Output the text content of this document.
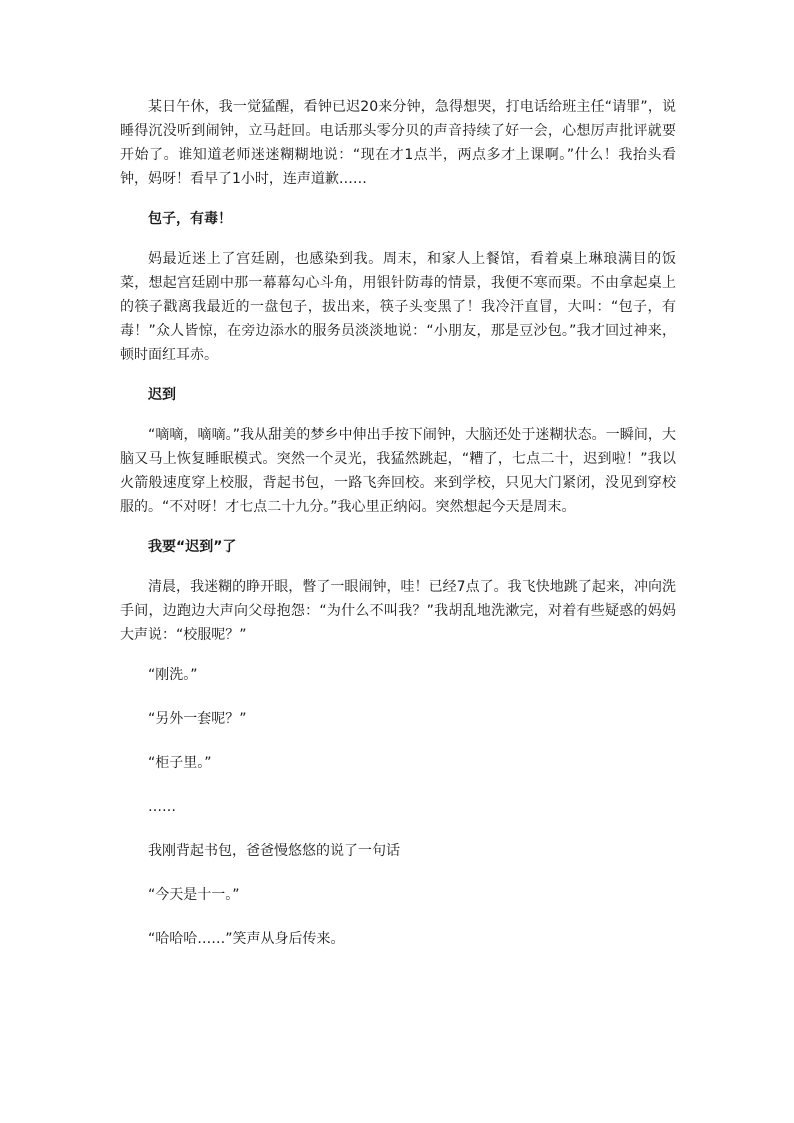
某日午休，我一觉猛醒，看钟已迟20来分钟，急得想哭，打电话给班主任“请罪”，说睡得沉没听到闹钟，立马赶回。电话那头零分贝的声音持续了好一会，心想厉声批评就要开始了。谁知道老师迷迷糊糊地说：“现在才1点半，两点多才上课啊。”什么！我抬头看钟，妈呀！看早了1小时，连声道歉……

包子，有毒！

妈最近迷上了宫廷剧，也感染到我。周末，和家人上餐馆，看着桌上琳琅满目的饭菜，想起宫廷剧中那一幕幕勾心斗角，用银针防毒的情景，我便不寒而栗。不由拿起桌上的筷子戳离我最近的一盘包子，拔出来，筷子头变黑了！我冷汗直冒，大叫：“包子，有毒！”众人皆惊，在旁边添水的服务员淡淡地说：“小朋友，那是豆沙包。”我才回过神来，顿时面红耳赤。

迟到

“嘀嘀，嘀嘀。”我从甜美的梦乡中伸出手按下闹钟，大脑还处于迷糊状态。一瞬间，大脑又马上恢复睡眠模式。突然一个灵光，我猛然跳起，“糟了，七点二十，迟到啦！”我以火箭般速度穿上校服，背起书包，一路飞奔回校。来到学校，只见大门紧闭，没见到穿校服的。“不对呀！才七点二十九分。”我心里正纳闷。突然想起今天是周末。

我要“迟到”了

清晨，我迷糊的睁开眼，瞥了一眼闹钟，哇！已经7点了。我飞快地跳了起来，冲向洗手间，边跑边大声向父母抱怨：“为什么不叫我？”我胡乱地洗漱完，对着有些疑惑的妈妈大声说：“校服呢？”

“刚洗。”

“另外一套呢？”

“柜子里。”

……

我刚背起书包，爸爸慢悠悠的说了一句话

“今天是十一。”

“哈哈哈……”笑声从身后传来。
